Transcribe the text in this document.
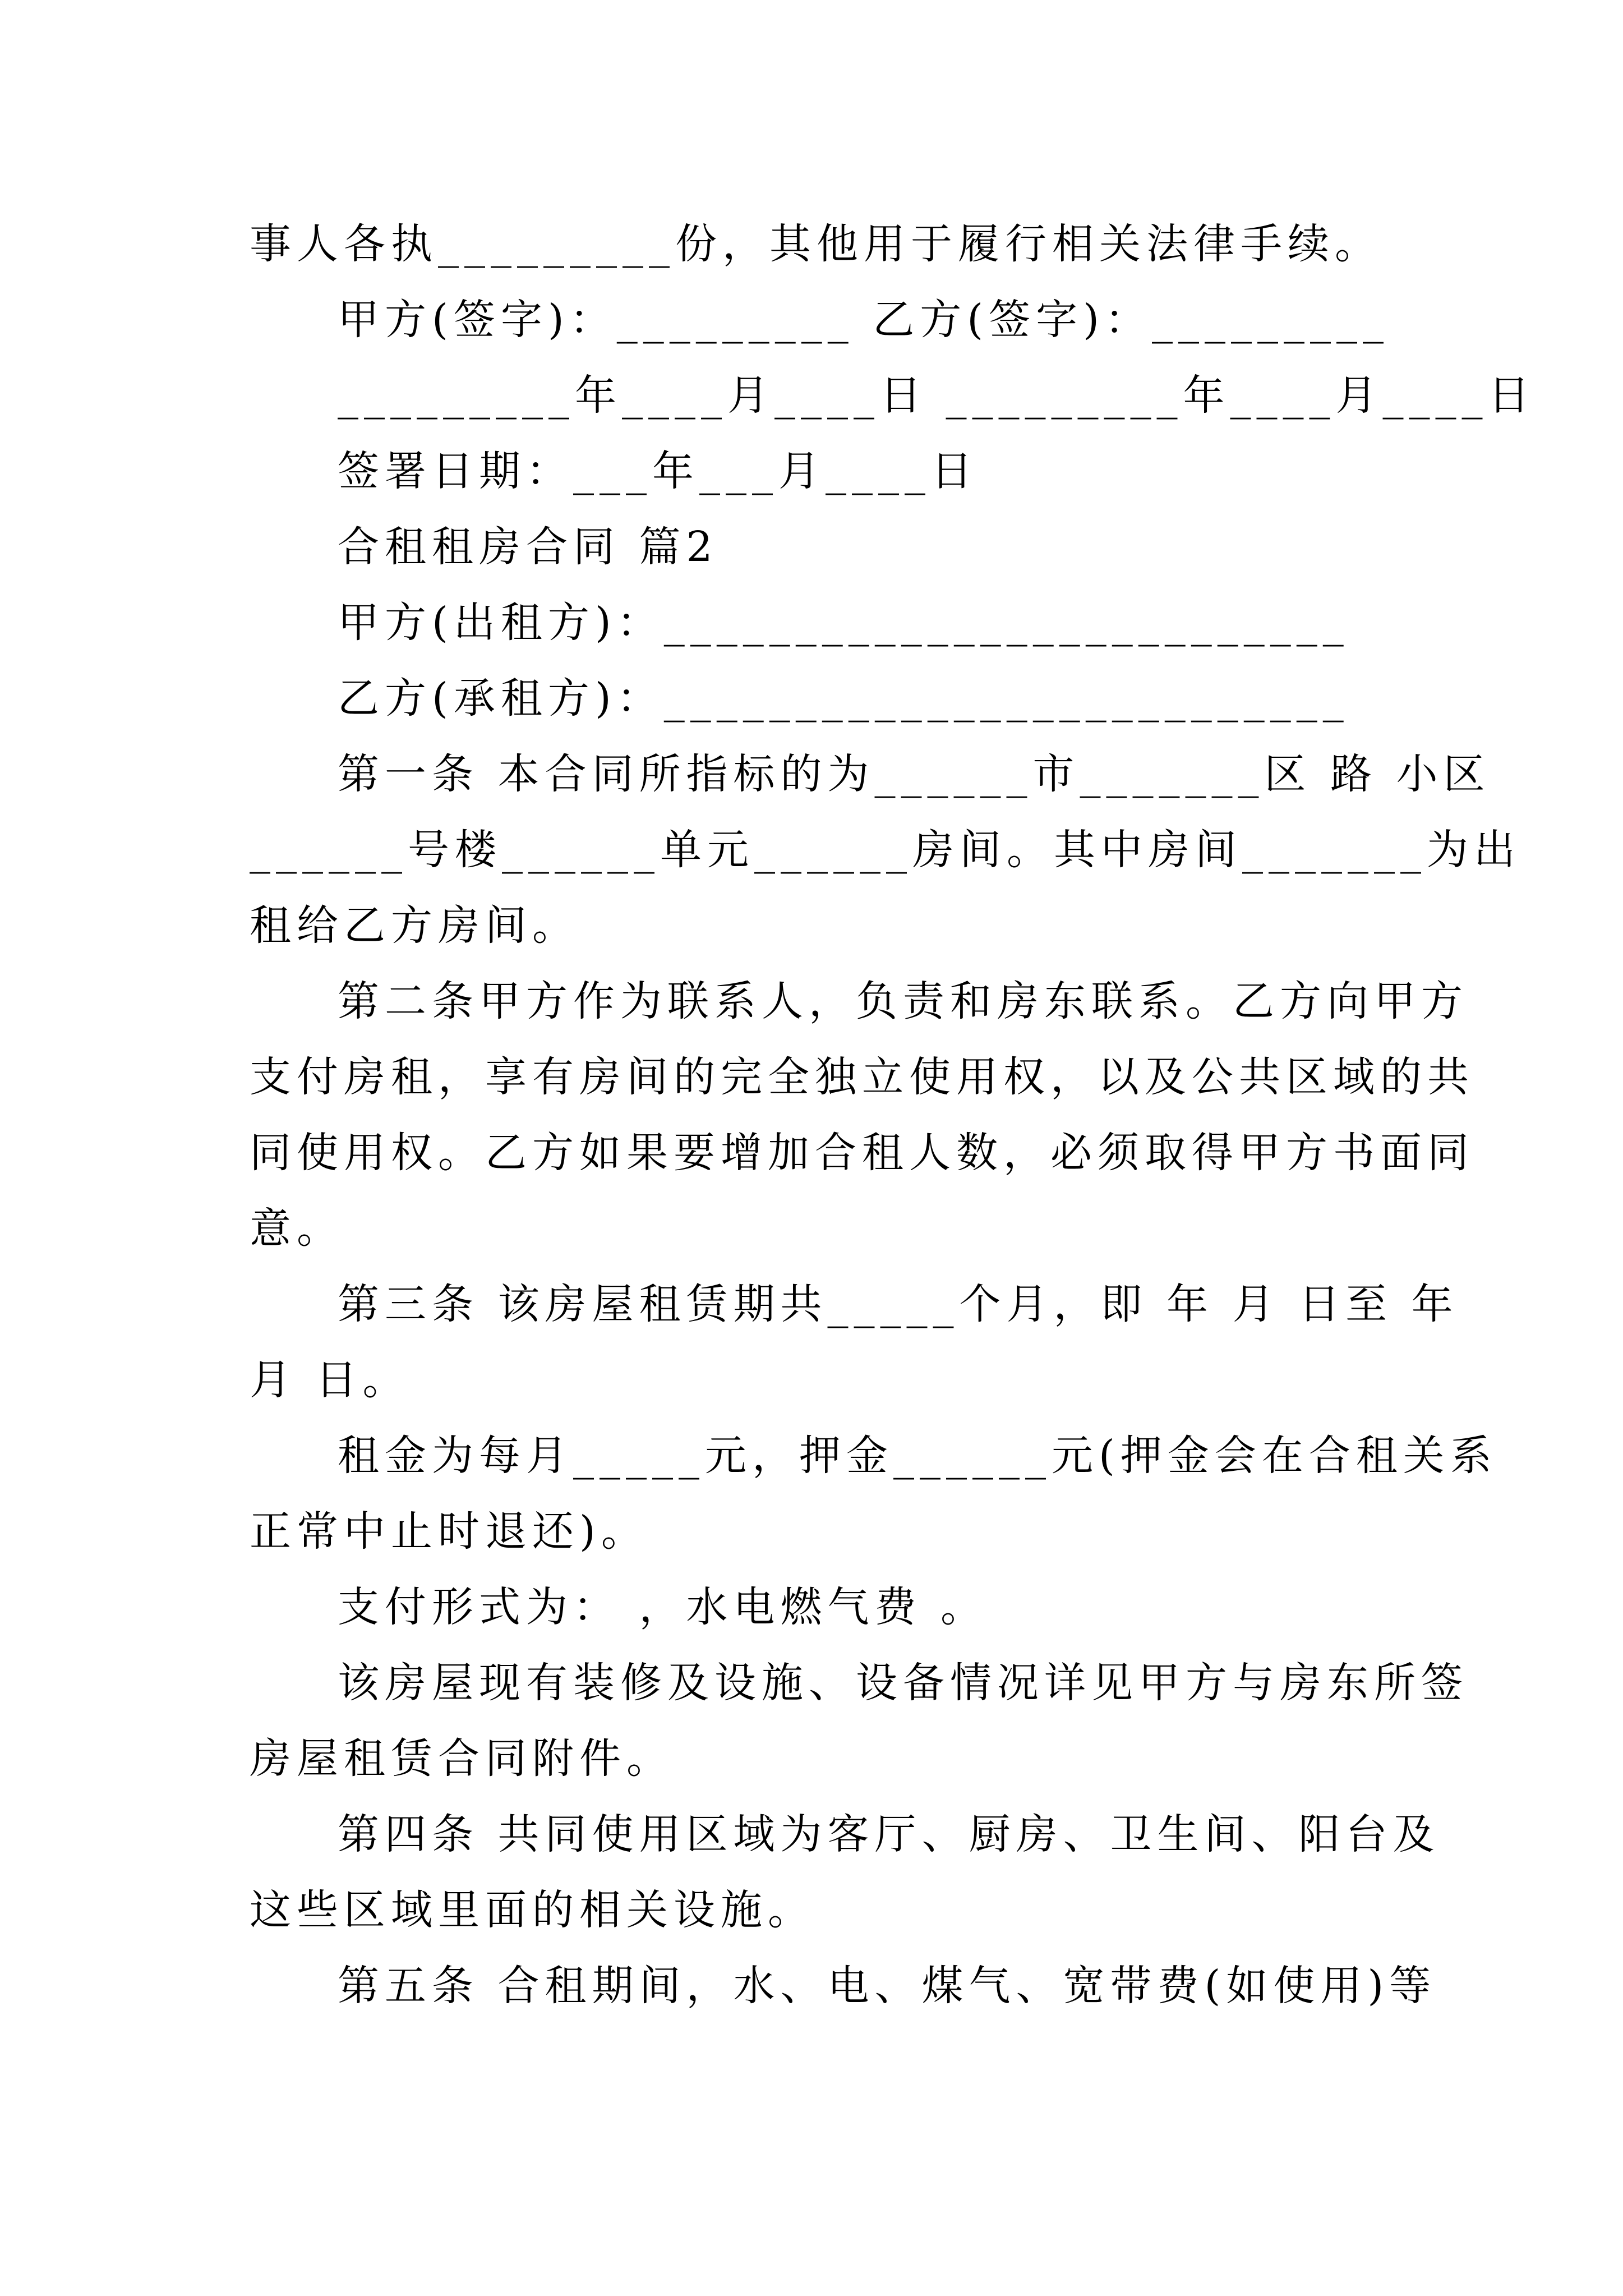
事人各执_________份，其他用于履行相关法律手续。
甲方(签字)：_________ 乙方(签字)：_________
_________年____月____日 _________年____月____日
签署日期：___年___月____日
合租租房合同 篇2
甲方(出租方)：__________________________
乙方(承租方)：__________________________
第一条 本合同所指标的为______市_______区 路 小区
______号楼______单元______房间。其中房间_______为出
租给乙方房间。
第二条甲方作为联系人，负责和房东联系。乙方向甲方
支付房租，享有房间的完全独立使用权，以及公共区域的共
同使用权。乙方如果要增加合租人数，必须取得甲方书面同
意。
第三条 该房屋租赁期共_____个月，即 年 月 日至 年
月 日。
租金为每月_____元，押金______元(押金会在合租关系
正常中止时退还)。
支付形式为： ，水电燃气费 。
该房屋现有装修及设施、设备情况详见甲方与房东所签
房屋租赁合同附件。
第四条 共同使用区域为客厅、厨房、卫生间、阳台及
这些区域里面的相关设施。
第五条 合租期间，水、电、煤气、宽带费(如使用)等
